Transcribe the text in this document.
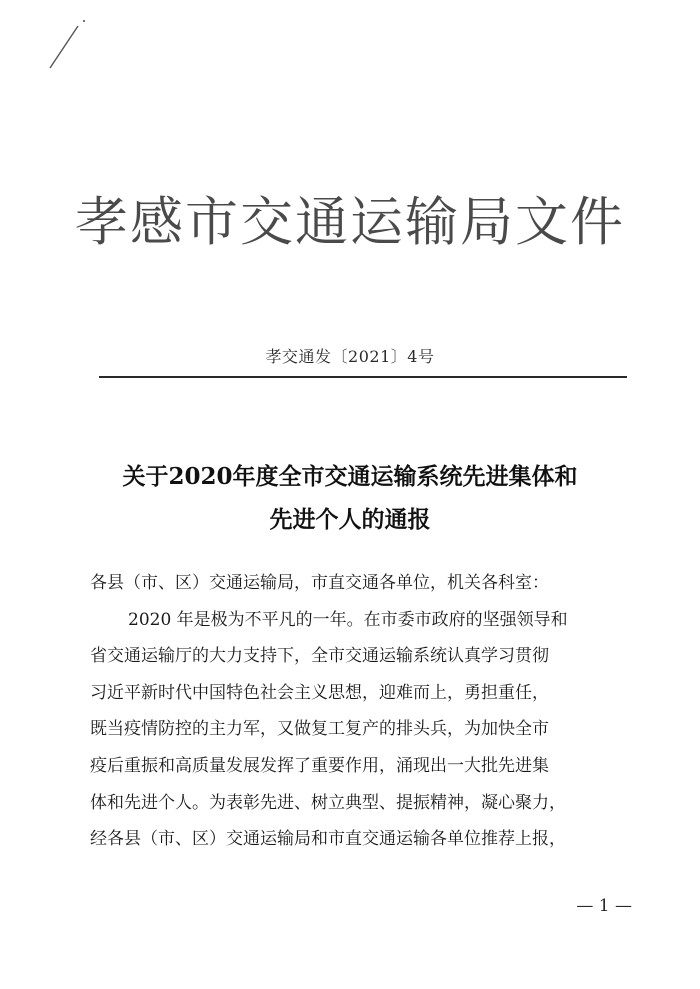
孝感市交通运输局文件
孝交通发〔2021〕4号
关于2020年度全市交通运输系统先进集体和
先进个人的通报
各县（市、区）交通运输局，市直交通各单位，机关各科室：
2020 年是极为不平凡的一年。在市委市政府的坚强领导和
省交通运输厅的大力支持下，全市交通运输系统认真学习贯彻
习近平新时代中国特色社会主义思想，迎难而上，勇担重任，
既当疫情防控的主力军，又做复工复产的排头兵，为加快全市
疫后重振和高质量发展发挥了重要作用，涌现出一大批先进集
体和先进个人。为表彰先进、树立典型、提振精神，凝心聚力，
经各县（市、区）交通运输局和市直交通运输各单位推荐上报，
— 1 —
